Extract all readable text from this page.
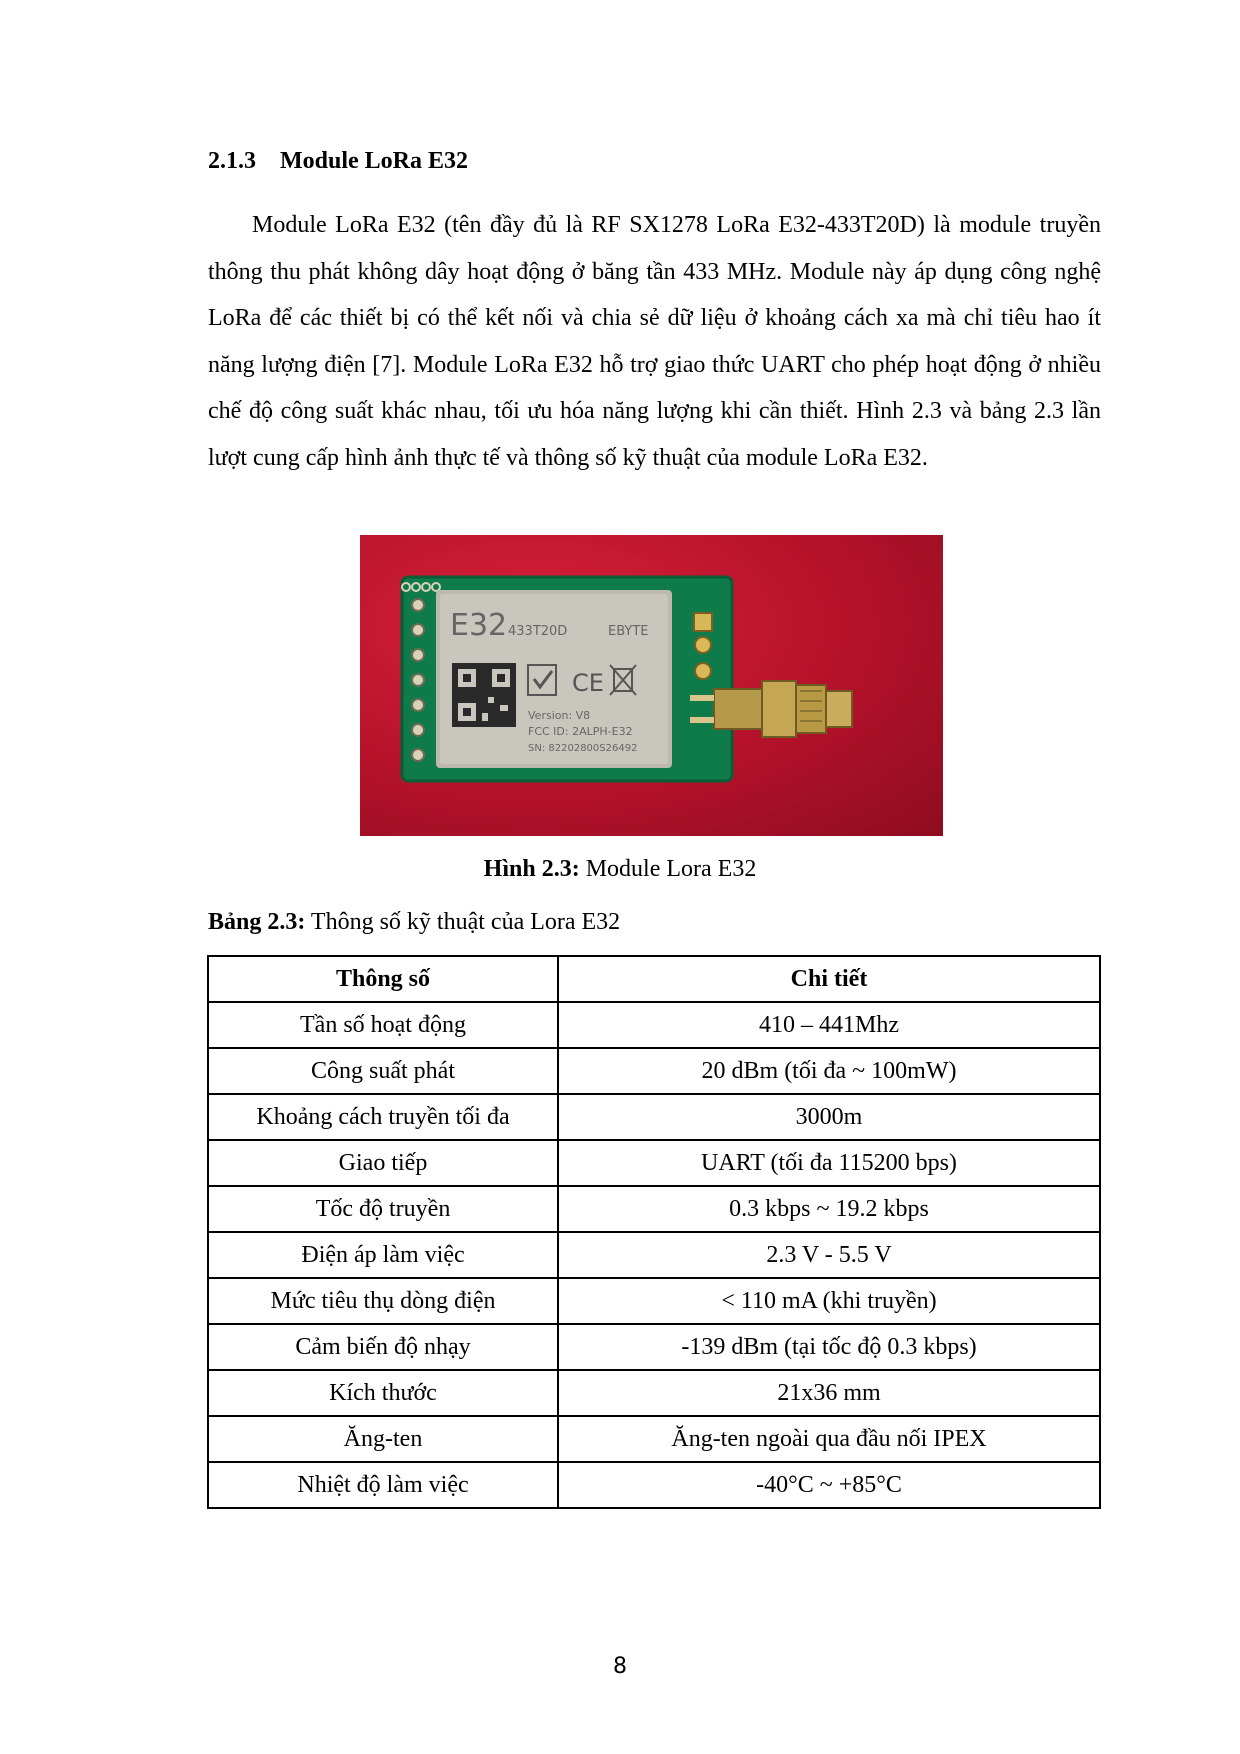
2.1.3 Module LoRa E32
Module LoRa E32 (tên đầy đủ là RF SX1278 LoRa E32-433T20D) là module truyền thông thu phát không dây hoạt động ở băng tần 433 MHz. Module này áp dụng công nghệ LoRa để các thiết bị có thể kết nối và chia sẻ dữ liệu ở khoảng cách xa mà chỉ tiêu hao ít năng lượng điện [7]. Module LoRa E32 hỗ trợ giao thức UART cho phép hoạt động ở nhiều chế độ công suất khác nhau, tối ưu hóa năng lượng khi cần thiết. Hình 2.3 và bảng 2.3 lần lượt cung cấp hình ảnh thực tế và thông số kỹ thuật của module LoRa E32.
CE
E32 433T20D	EBYTE
Version: V8
FCC ID: 2ALPH-E32
SN: 82202800S26492
Hình 2.3: Module Lora E32
Bảng 2.3: Thông số kỹ thuật của Lora E32
Thông số	Chi tiết
Tần số hoạt động	410 – 441Mhz
Công suất phát	20 dBm (tối đa ~ 100mW)
Khoảng cách truyền tối đa	3000m
Giao tiếp	UART (tối đa 115200 bps)
Tốc độ truyền	0.3 kbps ~ 19.2 kbps
Điện áp làm việc	2.3 V - 5.5 V
Mức tiêu thụ dòng điện	< 110 mA (khi truyền)
Cảm biến độ nhạy	-139 dBm (tại tốc độ 0.3 kbps)
Kích thước	21x36 mm
Ăng-ten	Ăng-ten ngoài qua đầu nối IPEX
Nhiệt độ làm việc	-40°C ~ +85°C
8
